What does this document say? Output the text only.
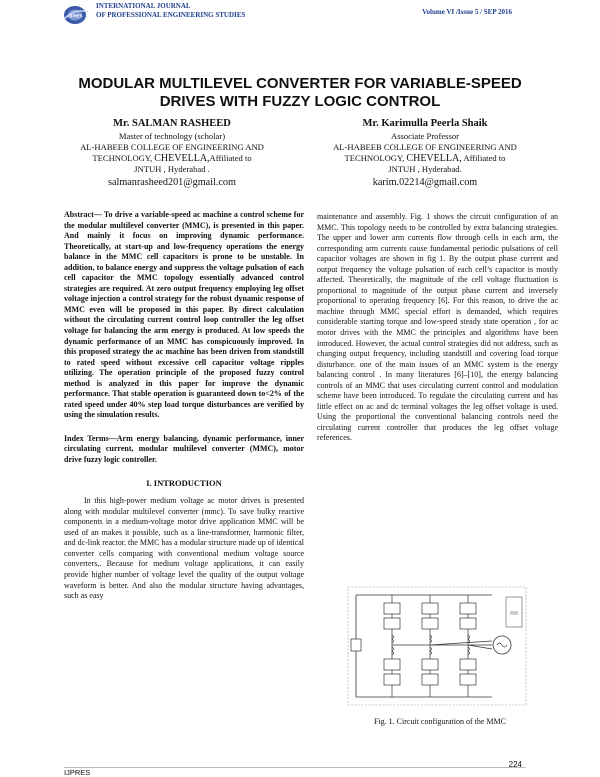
IJPRES
INTERNATIONAL JOURNAL
OF PROFESSIONAL ENGINEERING STUDIES	Volume VI /Issue 5 / SEP 2016
MODULAR MULTILEVEL CONVERTER FOR VARIABLE-SPEED DRIVES WITH FUZZY LOGIC CONTROL
Mr. SALMAN RASHEED
Master of technology (scholar)
AL-HABEEB COLLEGE OF ENGINEERING AND
TECHNOLOGY, CHEVELLA,Affiliated to
JNTUH , Hyderabad .
salmanrasheed201@gmail.com
Mr. Karimulla Peerla Shaik
Associate Professor
AL-HABEEB COLLEGE OF ENGINEERING AND
TECHNOLOGY, CHEVELLA, Affiliated to
JNTUH , Hyderabad.
karim.02214@gmail.com

Abstract— To drive a variable-speed ac machine a control scheme for the modular multilevel converter (MMC), is presented in this paper. And mainly it focus on improving dynamic performance. Theoretically, at start-up and low-frequency operations the energy balance in the MMC cell capacitors is prone to be unstable. In addition, to balance energy and suppress the voltage pulsation of each cell capacitor the MMC topology essentially advanced control strategies are required. At zero output frequency employing leg offset voltage injection a control strategy for the robust dynamic response of MMC even will be proposed in this paper. By direct calculation without the circulating current control loop controller the leg offset voltage for balancing the arm energy is produced. At low speeds the dynamic performance of an MMC has conspicuously improved. In this proposed strategy the ac machine has been driven from standstill to rated speed without excessive cell capacitor voltage ripples utilizing. The operation principle of the proposed fuzzy control method is analyzed in this paper for improve the dynamic performance. That stable operation is guaranteed down to<2% of the rated speed under 40% step load torque disturbances are verified by using the simulation results.

Index Terms—Arm energy balancing, dynamic performance, inner circulating current, modular multilevel converter (MMC), motor drive fuzzy logic controller.

I. INTRODUCTION

In this high-power medium voltage ac motor drives is presented along with modular multilevel converter (mmc). To save bulky reactive components in a medium-voltage motor drive application MMC will be used of an makes it possible, such as a line-transformer, harmonic filter, and dc-link reactor. the MMC has a modular structure made up of identical converter cells comparing with conventional medium voltage source converters,. Because for medium voltage applications, it can easily provide higher number of voltage level the quality of the output voltage waveform is better. And also the modular structure having advantages, such as easy

maintenance and assembly. Fig. 1 shows the circuit configuration of an MMC. This topology needs to be controlled by extra balancing strategies. The upper and lower arm currents flow through cells in each arm, the corresponding arm currents cause fundamental periodic pulsations of cell capacitor voltages are shown in fig 1. By the output phase current and output frequency the voltage pulsation of each cell’s capacitor is mostly affected. Theoretically, the magnitude of the cell voltage fluctuation is proportional to magnitude of the output phase current and inversely proportional to operating frequency [6]. For this reason, to drive the ac machine through MMC special effort is demanded, which requires considerable starting torque and low-speed steady state operation , for ac motor drives with the MMC the principles and algorithms have been introduced. However, the actual control strategies did not address, such as changing output frequency, including standstill and covering load torque disturbance. one of the main issues of an MMC system is the energy balancing control . In many literatures [6]–[10], the energy balancing controls of an MMC that uses circulating current control and modulation scheme have been introduced. To regulate the circulating current and has little effect on ac and dc terminal voltages the leg offset voltage is used. Using the proportional the conventional balancing controls need the circulating current controller that produces the leg offset voltage references.

Fig. 1. Circuit configuration of the MMC
IJPRES
224
